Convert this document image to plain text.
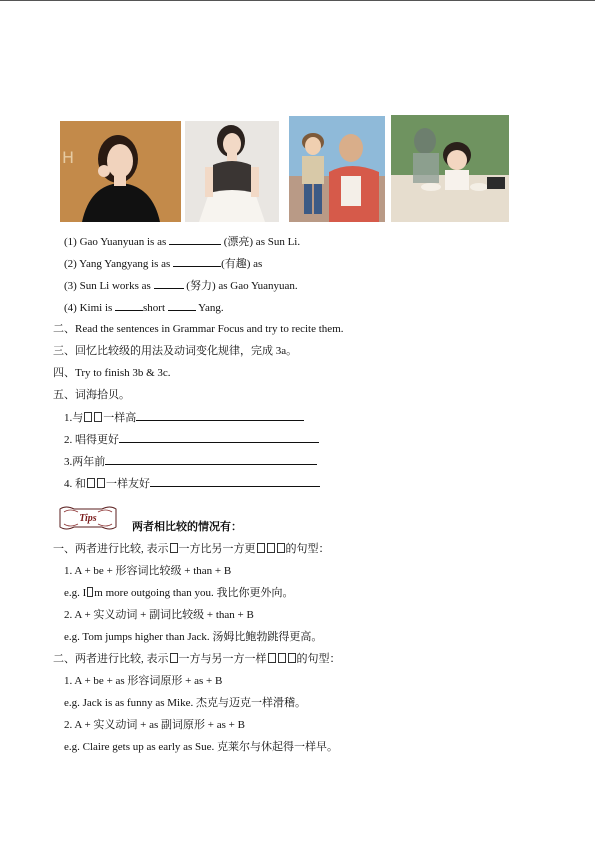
H
(1) Gao Yuanyuan is as	(漂亮) as Sun Li.
(2) Yang Yangyang is as	(有趣) as
(3) Sun Li works as	(努力) as Gao Yuanyuan.
(4) Kimi is	short	Yang.
二、Read the sentences in Grammar Focus and try to recite them.
三、回忆比较级的用法及动词变化规律，完成 3a。
四、Try to finish 3b & 3c.
五、词海拾贝。
1.与 一样高
2. 唱得更好
3.两年前
4. 和 一样友好
Tips
两者相比较的情况有：
一、两者进行比较, 表示 一方比另一方更	的句型：
1. A + be + 形容词比较级 + than + B
e.g. I m more outgoing than you. 我比你更外向。
2. A + 实义动词 + 副词比较级 + than + B
e.g. Tom jumps higher than Jack. 汤姆比鲍勃跳得更高。
二、两者进行比较, 表示 一方与另一方一样	的句型：
1. A + be + as 形容词原形 + as + B
e.g. Jack is as funny as Mike. 杰克与迈克一样滑稽。
2. A + 实义动词 + as 副词原形 + as + B
e.g. Claire gets up as early as Sue. 克莱尔与休起得一样早。
